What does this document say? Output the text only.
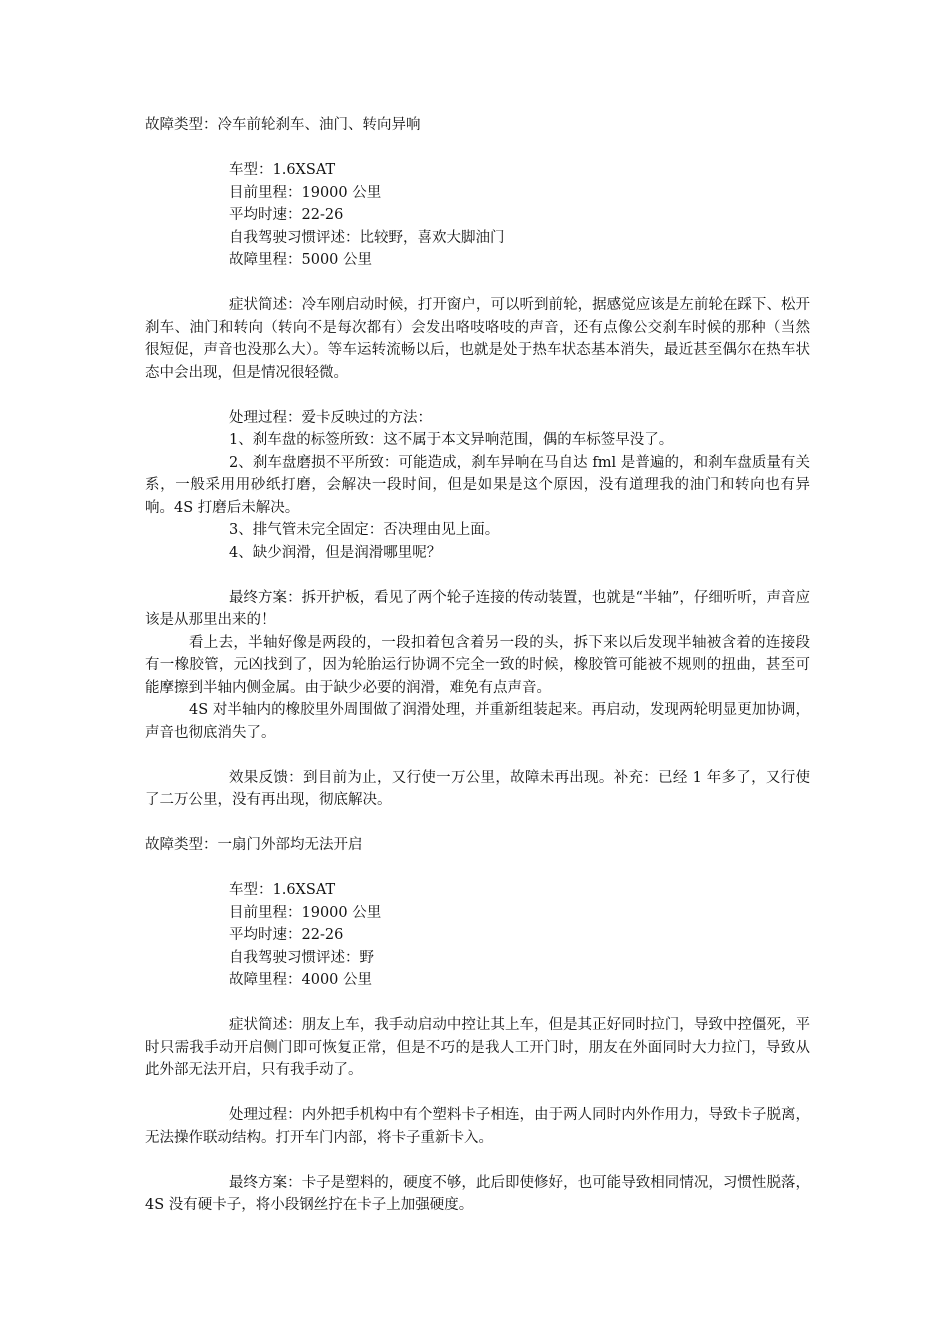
故障类型：冷车前轮刹车、油门、转向异响

车型：1.6XSAT

目前里程：19000 公里

平均时速：22-26

自我驾驶习惯评述：比较野，喜欢大脚油门

故障里程：5000 公里

症状简述：冷车刚启动时候，打开窗户，可以听到前轮，据感觉应该是左前轮在踩下、松开刹车、油门和转向（转向不是每次都有）会发出咯吱咯吱的声音，还有点像公交刹车时候的那种（当然很短促，声音也没那么大）。等车运转流畅以后，也就是处于热车状态基本消失，最近甚至偶尔在热车状态中会出现，但是情况很轻微。

处理过程：爱卡反映过的方法：

1、刹车盘的标签所致：这不属于本文异响范围，偶的车标签早没了。

2、刹车盘磨损不平所致：可能造成，刹车异响在马自达 fml 是普遍的，和刹车盘质量有关系，一般采用用砂纸打磨，会解决一段时间，但是如果是这个原因，没有道理我的油门和转向也有异响。4S 打磨后未解决。

3、排气管未完全固定：否决理由见上面。

4、缺少润滑，但是润滑哪里呢？

最终方案：拆开护板，看见了两个轮子连接的传动装置，也就是“半轴”，仔细听听，声音应该是从那里出来的！

看上去，半轴好像是两段的，一段扣着包含着另一段的头，拆下来以后发现半轴被含着的连接段有一橡胶管，元凶找到了，因为轮胎运行协调不完全一致的时候，橡胶管可能被不规则的扭曲，甚至可能摩擦到半轴内侧金属。由于缺少必要的润滑，难免有点声音。

4S 对半轴内的橡胶里外周围做了润滑处理，并重新组装起来。再启动，发现两轮明显更加协调，声音也彻底消失了。

效果反馈：到目前为止，又行使一万公里，故障未再出现。补充：已经 1 年多了，又行使了二万公里，没有再出现，彻底解决。

故障类型：一扇门外部均无法开启

车型：1.6XSAT

目前里程：19000 公里

平均时速：22-26

自我驾驶习惯评述：野

故障里程：4000 公里

症状简述：朋友上车，我手动启动中控让其上车，但是其正好同时拉门，导致中控僵死，平时只需我手动开启侧门即可恢复正常，但是不巧的是我人工开门时，朋友在外面同时大力拉门，导致从此外部无法开启，只有我手动了。

处理过程：内外把手机构中有个塑料卡子相连，由于两人同时内外作用力，导致卡子脱离，无法操作联动结构。打开车门内部，将卡子重新卡入。

最终方案：卡子是塑料的，硬度不够，此后即使修好，也可能导致相同情况，习惯性脱落，4S 没有硬卡子，将小段钢丝拧在卡子上加强硬度。
